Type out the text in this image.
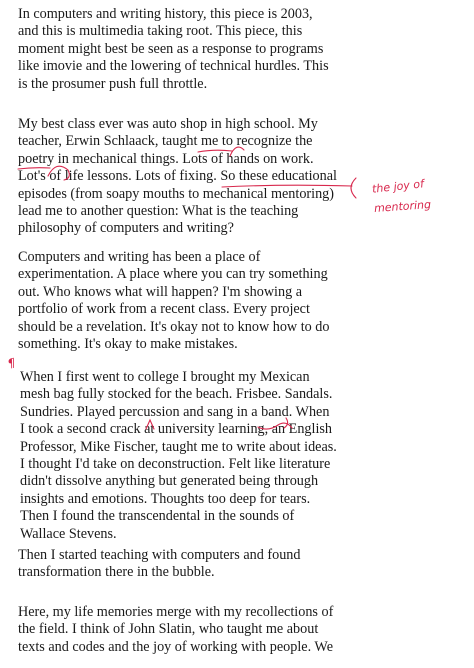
In computers and writing history, this piece is 2003,
and this is multimedia taking root. This piece, this
moment might best be seen as a response to programs
like imovie and the lowering of technical hurdles. This
is the prosumer push full throttle.
My best class ever was auto shop in high school. My
teacher, Erwin Schlaack, taught me to recognize the
poetry in mechanical things. Lots of hands on work.
Lot's of life lessons. Lots of fixing. So these educational
episodes (from soapy mouths to mechanical mentoring)
lead me to another question: What is the teaching
philosophy of computers and writing?
Computers and writing has been a place of
experimentation. A place where you can try something
out. Who knows what will happen? I'm showing a
portfolio of work from a recent class. Every project
should be a revelation. It's okay not to know how to do
something. It's okay to make mistakes.
When I first went to college I brought my Mexican
mesh bag fully stocked for the beach. Frisbee. Sandals.
Sundries. Played percussion and sang in a band. When
I took a second crack at university learning, an English
Professor, Mike Fischer, taught me to write about ideas.
I thought I'd take on deconstruction. Felt like literature
didn't dissolve anything but generated being through
insights and emotions. Thoughts too deep for tears.
Then I found the transcendental in the sounds of
Wallace Stevens.
Then I started teaching with computers and found
transformation there in the bubble.
Here, my life memories merge with my recollections of
the field. I think of John Slatin, who taught me about
texts and codes and the joy of working with people. We
the joy of
mentoring
¶
